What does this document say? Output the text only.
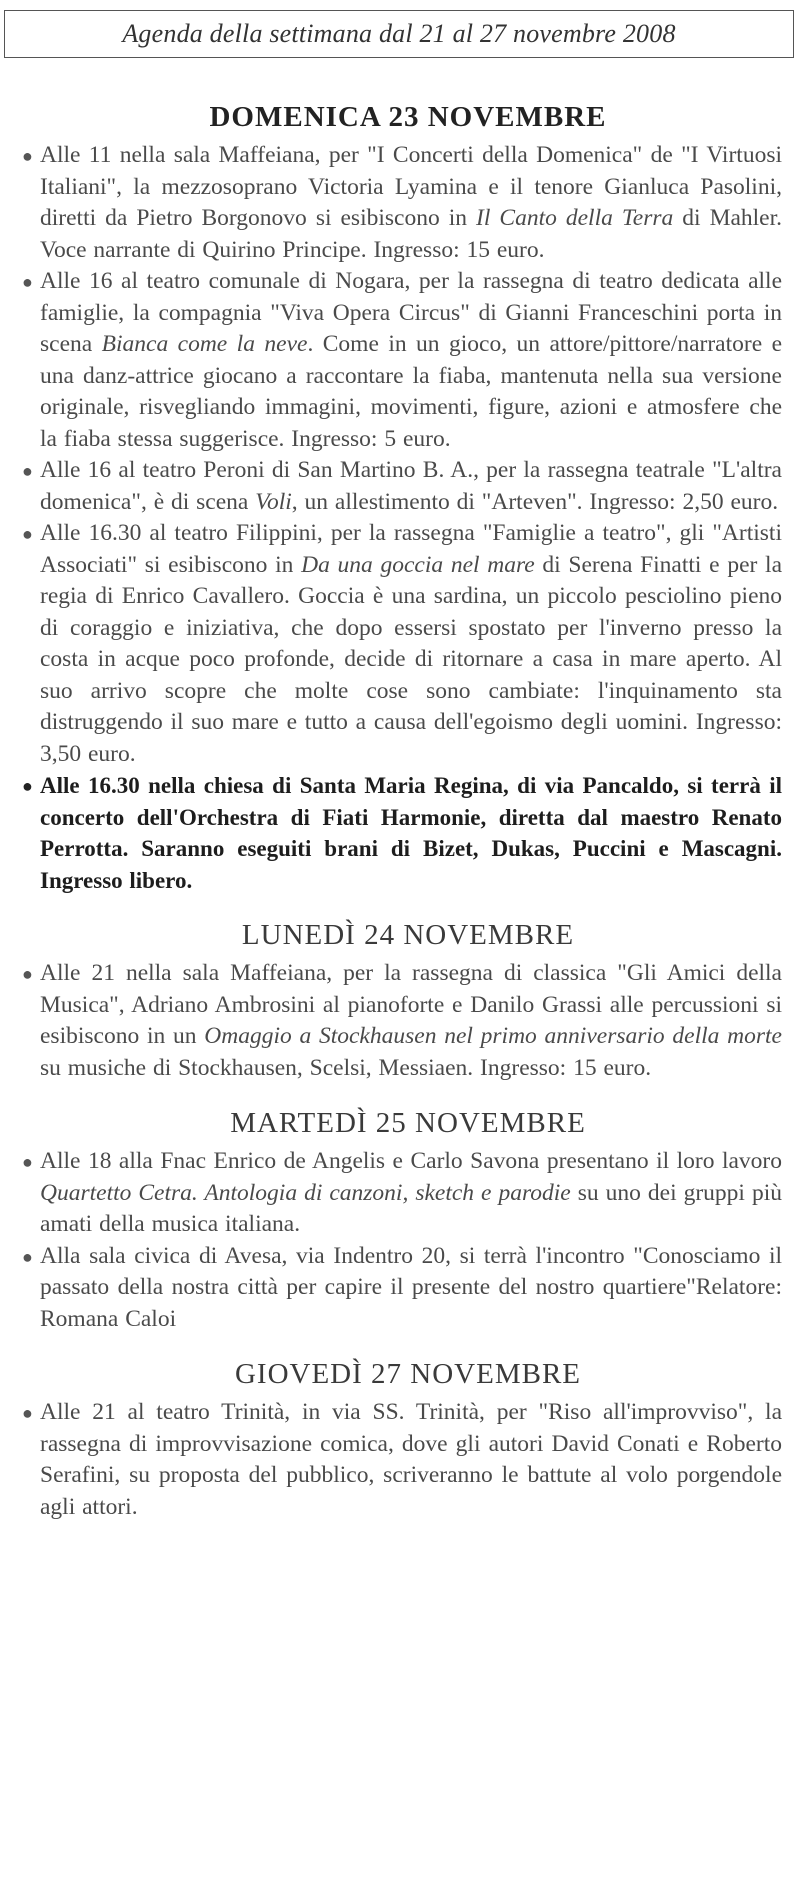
Agenda della settimana dal 21 al 27 novembre 2008
DOMENICA 23 NOVEMBRE
● Alle 11 nella sala Maffeiana, per "I Concerti della Domenica" de "I Virtuosi Italiani", la mezzosoprano Victoria Lyamina e il tenore Gianluca Pasolini, diretti da Pietro Borgonovo si esibiscono in Il Canto della Terra di Mahler. Voce narrante di Quirino Principe. Ingresso: 15 euro.
● Alle 16 al teatro comunale di Nogara, per la rassegna di teatro dedicata alle famiglie, la compagnia "Viva Opera Circus" di Gianni Franceschini porta in scena Bianca come la neve. Come in un gioco, un attore/pittore/narratore e una danz-attrice giocano a raccontare la fiaba, mantenuta nella sua versione originale, risvegliando immagini, movimenti, figure, azioni e atmosfere che la fiaba stessa suggerisce. Ingresso: 5 euro.
● Alle 16 al teatro Peroni di San Martino B. A., per la rassegna teatrale "L'altra domenica", è di scena Voli, un allestimento di "Arteven". Ingresso: 2,50 euro.
● Alle 16.30 al teatro Filippini, per la rassegna "Famiglie a teatro", gli "Artisti Associati" si esibiscono in Da una goccia nel mare di Serena Finatti e per la regia di Enrico Cavallero. Goccia è una sardina, un piccolo pesciolino pieno di coraggio e iniziativa, che dopo essersi spostato per l'inverno presso la costa in acque poco profonde, decide di ritornare a casa in mare aperto. Al suo arrivo scopre che molte cose sono cambiate: l'inquinamento sta distruggendo il suo mare e tutto a causa dell'egoismo degli uomini. Ingresso: 3,50 euro.
● Alle 16.30 nella chiesa di Santa Maria Regina, di via Pancaldo, si terrà il concerto dell'Orchestra di Fiati Harmonie, diretta dal maestro Renato Perrotta. Saranno eseguiti brani di Bizet, Dukas, Puccini e Mascagni. Ingresso libero.
LUNEDÌ 24 NOVEMBRE
● Alle 21 nella sala Maffeiana, per la rassegna di classica "Gli Amici della Musica", Adriano Ambrosini al pianoforte e Danilo Grassi alle percussioni si esibiscono in un Omaggio a Stockhausen nel primo anniversario della morte su musiche di Stockhausen, Scelsi, Messiaen. Ingresso: 15 euro.
MARTEDÌ 25 NOVEMBRE
● Alle 18 alla Fnac Enrico de Angelis e Carlo Savona presentano il loro lavoro Quartetto Cetra. Antologia di canzoni, sketch e parodie su uno dei gruppi più amati della musica italiana.
● Alla sala civica di Avesa, via Indentro 20, si terrà l'incontro "Conosciamo il passato della nostra città per capire il presente del nostro quartiere"Relatore: Romana Caloi
GIOVEDÌ 27 NOVEMBRE
● Alle 21 al teatro Trinità, in via SS. Trinità, per "Riso all'improvviso", la rassegna di improvvisazione comica, dove gli autori David Conati e Roberto Serafini, su proposta del pubblico, scriveranno le battute al volo porgendole agli attori.
